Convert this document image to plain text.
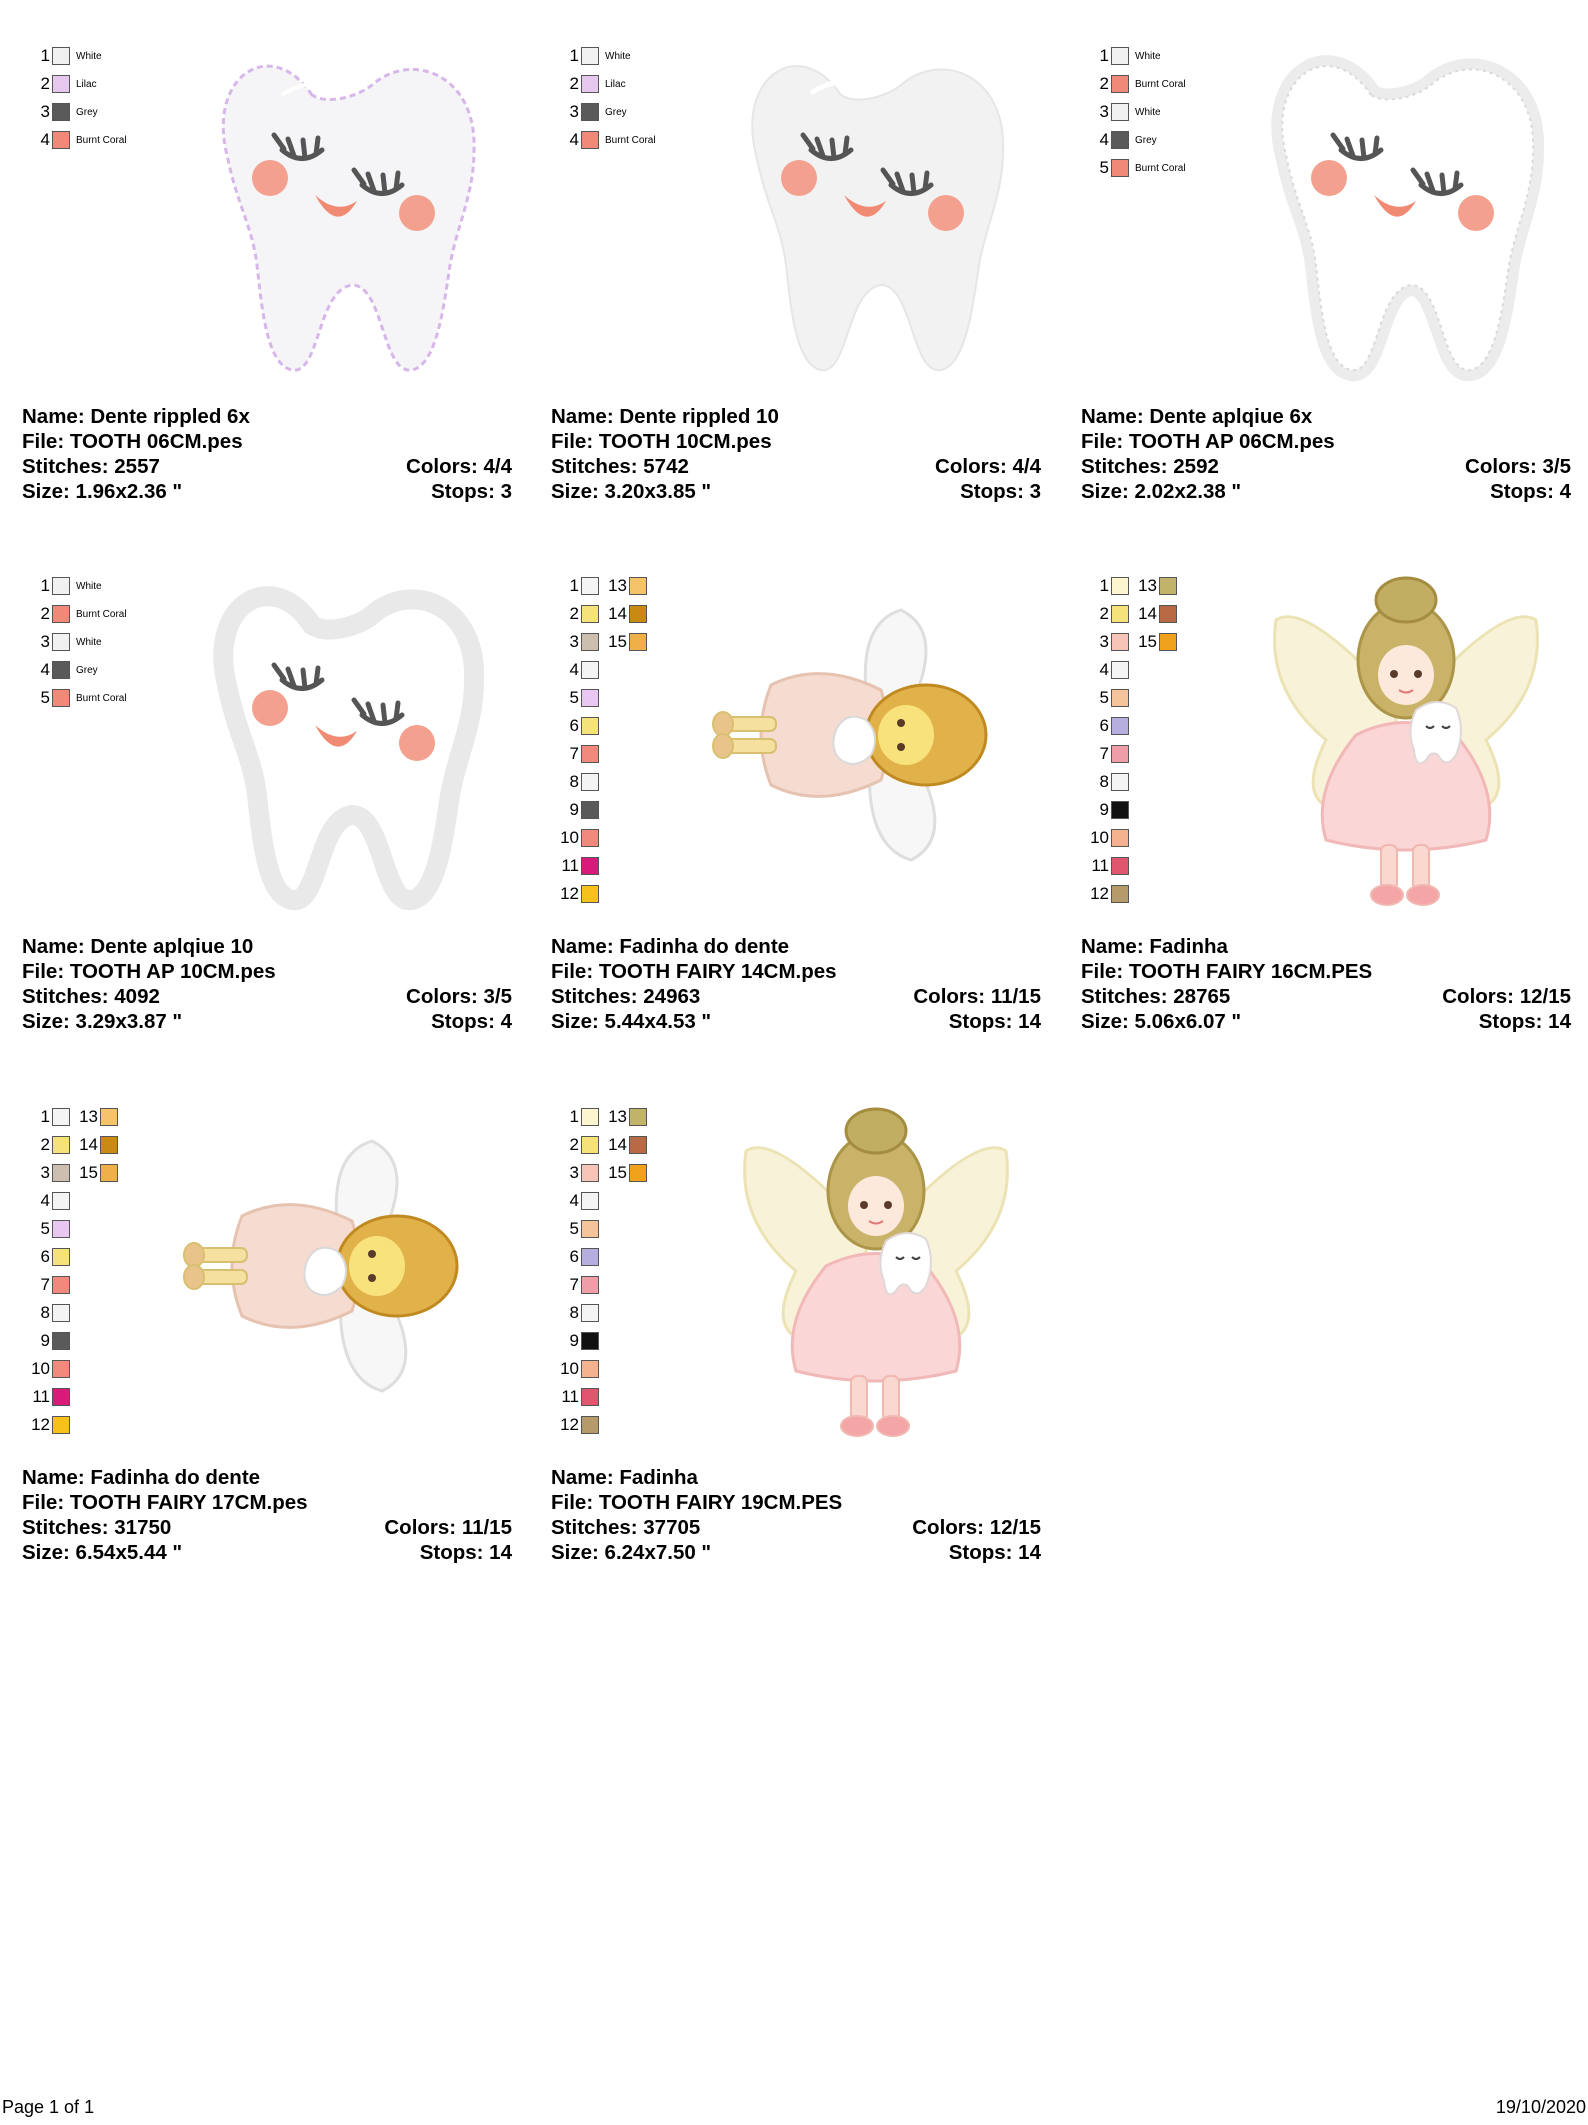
1	White
2	Lilac
3	Grey
4	Burnt Coral
Name: Dente rippled 6x
File: TOOTH 06CM.pes
Stitches: 2557	Colors: 4/4
Size: 1.96x2.36 "	Stops: 3
1	White
2	Lilac
3	Grey
4	Burnt Coral
Name: Dente rippled 10
File: TOOTH 10CM.pes
Stitches: 5742	Colors: 4/4
Size: 3.20x3.85 "	Stops: 3
1	White
2	Burnt Coral
3	White
4	Grey
5	Burnt Coral
Name: Dente aplqiue 6x
File: TOOTH AP 06CM.pes
Stitches: 2592	Colors: 3/5
Size: 2.02x2.38 "	Stops: 4
1	White
2	Burnt Coral
3	White
4	Grey
5	Burnt Coral
Name: Dente aplqiue 10
File: TOOTH AP 10CM.pes
Stitches: 4092	Colors: 3/5
Size: 3.29x3.87 "	Stops: 4
1	13
2	14
3	15
4
5
6
7
8
9
10
11
12
Name: Fadinha do dente
File: TOOTH FAIRY 14CM.pes
Stitches: 24963	Colors: 11/15
Size: 5.44x4.53 "	Stops: 14
1	13
2	14
3	15
4
5
6
7
8
9
10
11
12
Name: Fadinha
File: TOOTH FAIRY 16CM.PES
Stitches: 28765	Colors: 12/15
Size: 5.06x6.07 "	Stops: 14
1	13
2	14
3	15
4
5
6
7
8
9
10
11
12
Name: Fadinha do dente
File: TOOTH FAIRY 17CM.pes
Stitches: 31750	Colors: 11/15
Size: 6.54x5.44 "	Stops: 14
1	13
2	14
3	15
4
5
6
7
8
9
10
11
12
Name: Fadinha
File: TOOTH FAIRY 19CM.PES
Stitches: 37705	Colors: 12/15
Size: 6.24x7.50 "	Stops: 14
Page 1 of 1	19/10/2020
